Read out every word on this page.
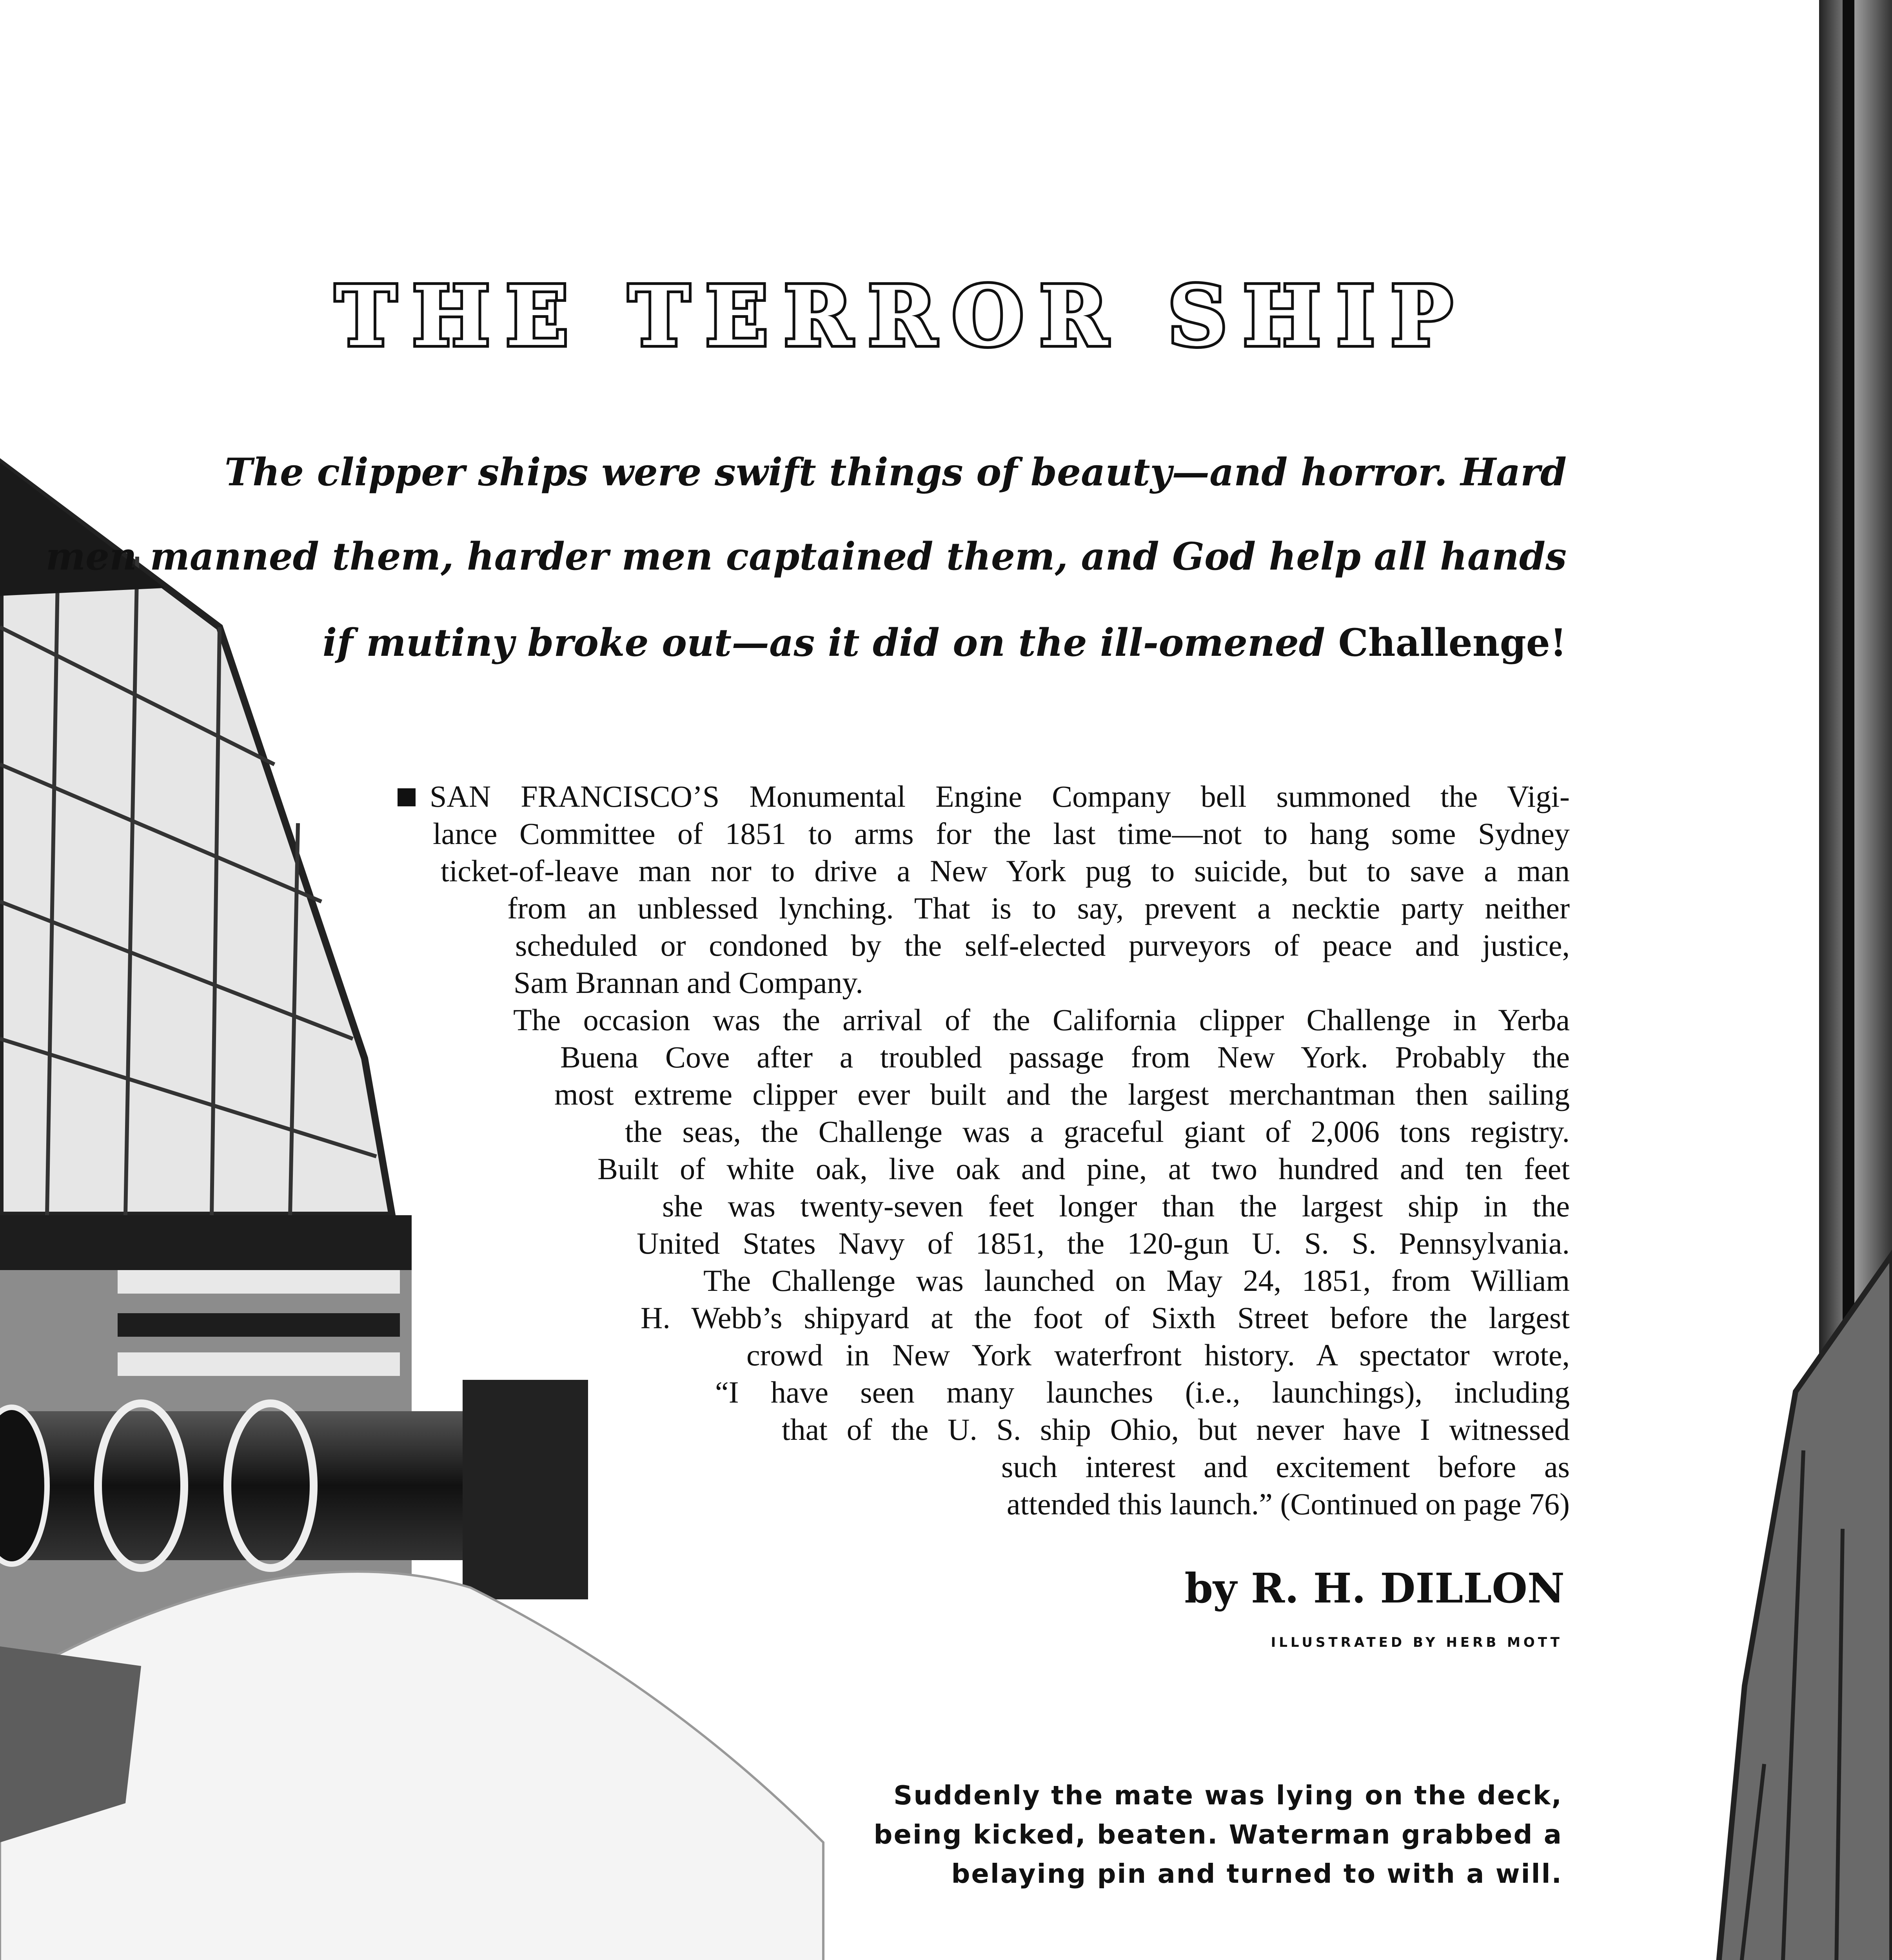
THE TERROR SHIP
The clipper ships were swift things of beauty—and horror. Hard
men manned them, harder men captained them, and God help all hands
if mutiny broke out—as it did on the ill-omened Challenge!
SAN FRANCISCO’S Monumental Engine Company bell summoned the Vigi-
lance Committee of 1851 to arms for the last time—not to hang some Sydney
ticket-of-leave man nor to drive a New York pug to suicide, but to save a man
from an unblessed lynching. That is to say, prevent a necktie party neither
scheduled or condoned by the self-elected purveyors of peace and justice,
Sam Brannan and Company.
The occasion was the arrival of the California clipper Challenge in Yerba
Buena Cove after a troubled passage from New York. Probably the
most extreme clipper ever built and the largest merchantman then sailing
the seas, the Challenge was a graceful giant of 2,006 tons registry.
Built of white oak, live oak and pine, at two hundred and ten feet
she was twenty-seven feet longer than the largest ship in the
United States Navy of 1851, the 120-gun U. S. S. Pennsylvania.
The Challenge was launched on May 24, 1851, from William
H. Webb’s shipyard at the foot of Sixth Street before the largest
crowd in New York waterfront history. A spectator wrote,
“I have seen many launches (i.e., launchings), including
that of the U. S. ship Ohio, but never have I witnessed
such interest and excitement before as
attended this launch.” (Continued on page 76)
by R. H. DILLON
ILLUSTRATED BY HERB MOTT
Suddenly the mate was lying on the deck,
being kicked, beaten. Waterman grabbed a
belaying pin and turned to with a will.
